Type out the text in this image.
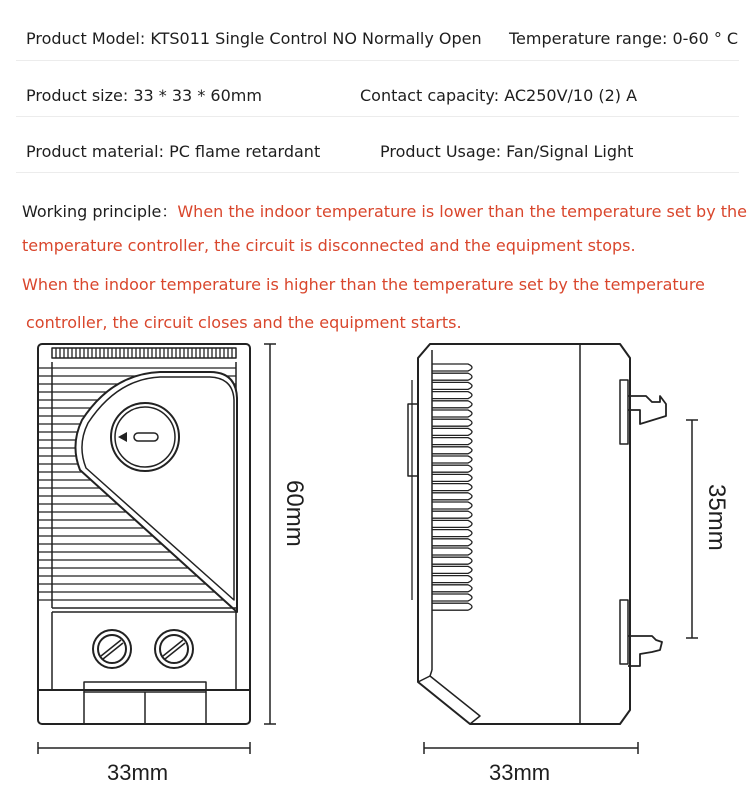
Product Model: KTS011 Single Control NO Normally Open Temperature range: 0-60 ° C
Product size: 33 * 33 * 60mm	Contact capacity: AC250V/10 (2) A
Product material: PC flame retardant	Product Usage: Fan/Signal Light
Working principle：When the indoor temperature is lower than the temperature set by the
temperature controller, the circuit is disconnected and the equipment stops.
When the indoor temperature is higher than the temperature set by the temperature
controller, the circuit closes and the equipment starts.
60mm	35mm
33mm	33mm
